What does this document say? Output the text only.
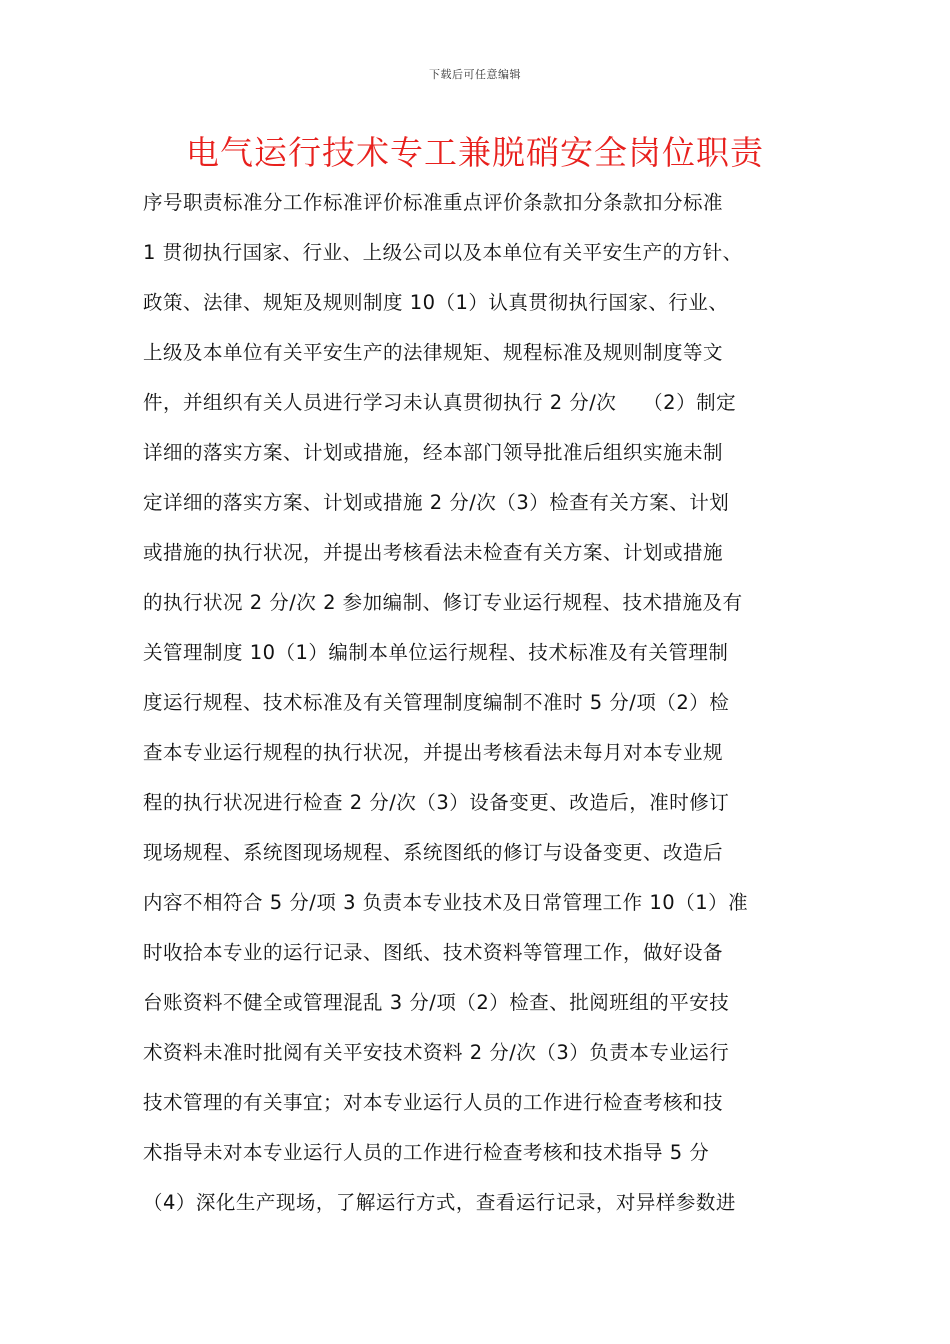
下载后可任意编辑
电气运行技术专工兼脱硝安全岗位职责
序号职责标准分工作标准评价标准重点评价条款扣分条款扣分标准
1 贯彻执行国家、行业、上级公司以及本单位有关平安生产的方针、
政策、法律、规矩及规则制度 10（1）认真贯彻执行国家、行业、
上级及本单位有关平安生产的法律规矩、规程标准及规则制度等文
件，并组织有关人员进行学习未认真贯彻执行 2 分/次    （2）制定
详细的落实方案、计划或措施，经本部门领导批准后组织实施未制
定详细的落实方案、计划或措施 2 分/次（3）检查有关方案、计划
或措施的执行状况，并提出考核看法未检查有关方案、计划或措施
的执行状况 2 分/次 2 参加编制、修订专业运行规程、技术措施及有
关管理制度 10（1）编制本单位运行规程、技术标准及有关管理制
度运行规程、技术标准及有关管理制度编制不准时 5 分/项（2）检
查本专业运行规程的执行状况，并提出考核看法未每月对本专业规
程的执行状况进行检查 2 分/次（3）设备变更、改造后，准时修订
现场规程、系统图现场规程、系统图纸的修订与设备变更、改造后
内容不相符合 5 分/项 3 负责本专业技术及日常管理工作 10（1）准
时收拾本专业的运行记录、图纸、技术资料等管理工作，做好设备
台账资料不健全或管理混乱 3 分/项（2）检查、批阅班组的平安技
术资料未准时批阅有关平安技术资料 2 分/次（3）负责本专业运行
技术管理的有关事宜；对本专业运行人员的工作进行检查考核和技
术指导未对本专业运行人员的工作进行检查考核和技术指导 5 分
（4）深化生产现场，了解运行方式，查看运行记录，对异样参数进
